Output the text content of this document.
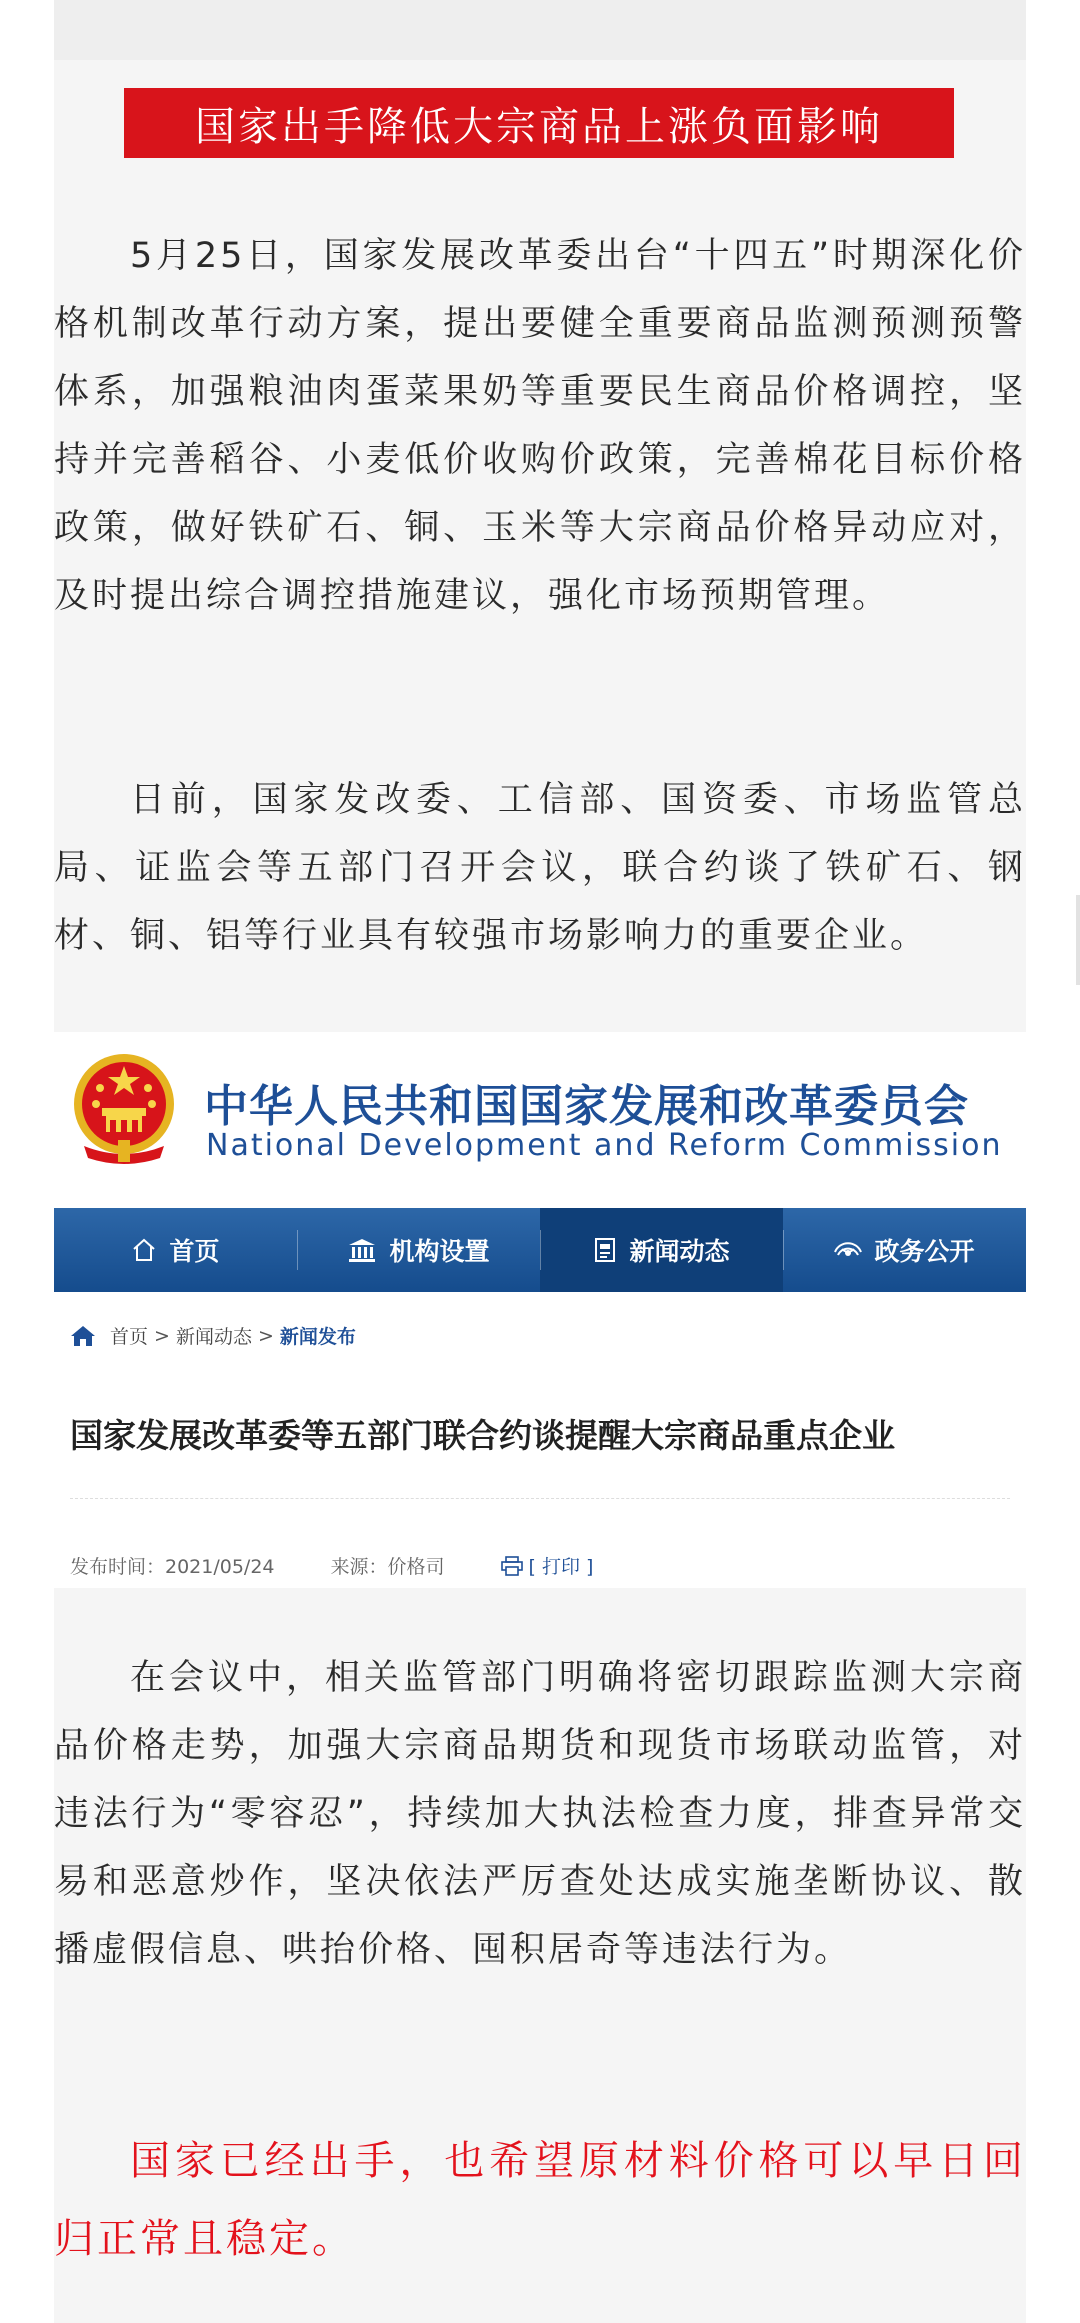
国家出手降低大宗商品上涨负面影响

5月25日，国家发展改革委出台“十四五”时期深化价格机制改革行动方案，提出要健全重要商品监测预测预警体系，加强粮油肉蛋菜果奶等重要民生商品价格调控，坚持并完善稻谷、小麦低价收购价政策，完善棉花目标价格政策，做好铁矿石、铜、玉米等大宗商品价格异动应对，及时提出综合调控措施建议，强化市场预期管理。

日前，国家发改委、工信部、国资委、市场监管总局、证监会等五部门召开会议，联合约谈了铁矿石、钢材、铜、铝等行业具有较强市场影响力的重要企业。

中华人民共和国国家发展和改革委员会
National Development and Reform Commission
首页	机构设置	新闻动态	政务公开
首页 > 新闻动态 > 新闻发布
国家发展改革委等五部门联合约谈提醒大宗商品重点企业
发布时间：2021/05/24	来源：价格司	[ 打印 ]

在会议中，相关监管部门明确将密切跟踪监测大宗商品价格走势，加强大宗商品期货和现货市场联动监管，对违法行为“零容忍”，持续加大执法检查力度，排查异常交易和恶意炒作，坚决依法严厉查处达成实施垄断协议、散播虚假信息、哄抬价格、囤积居奇等违法行为。

国家已经出手，也希望原材料价格可以早日回归正常且稳定。
